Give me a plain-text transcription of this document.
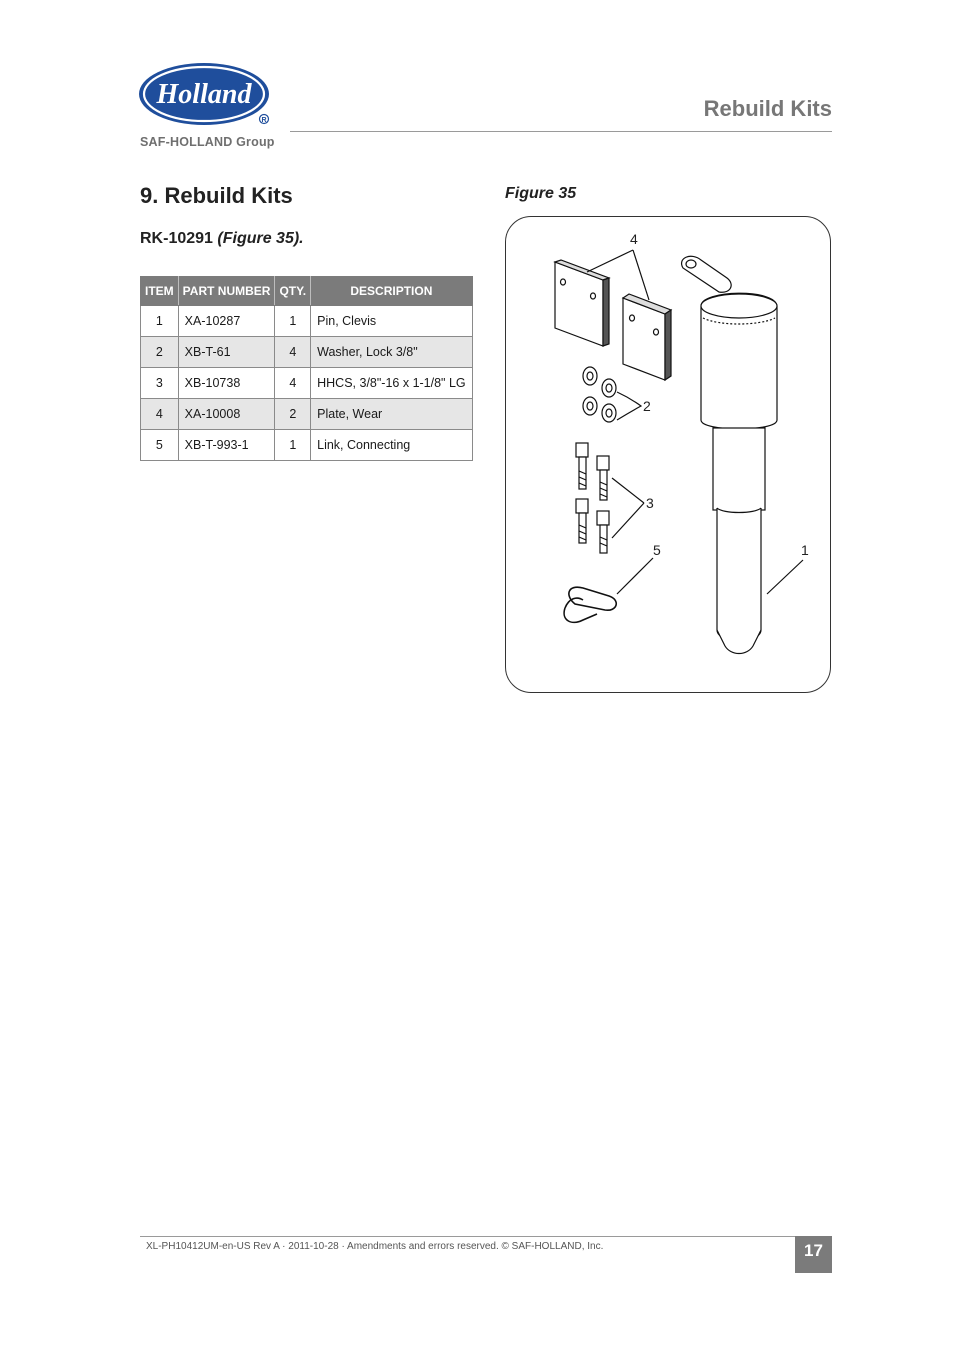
Holland
R
SAF-HOLLAND Group
Rebuild Kits
9. Rebuild Kits
RK-10291 (Figure 35).
Figure 35
ITEM	PART NUMBER	QTY.	DESCRIPTION
1	XA-10287	1	Pin, Clevis
2	XB-T-61	4	Washer, Lock 3/8"
3	XB-10738	4	HHCS, 3/8"-16 x 1-1/8" LG
4	XA-10008	2	Plate, Wear
5	XB-T-993-1	1	Link, Connecting
4
2
3
5	1
XL-PH10412UM-en-US Rev A · 2011-10-28 · Amendments and errors reserved. © SAF-HOLLAND, Inc.	17
